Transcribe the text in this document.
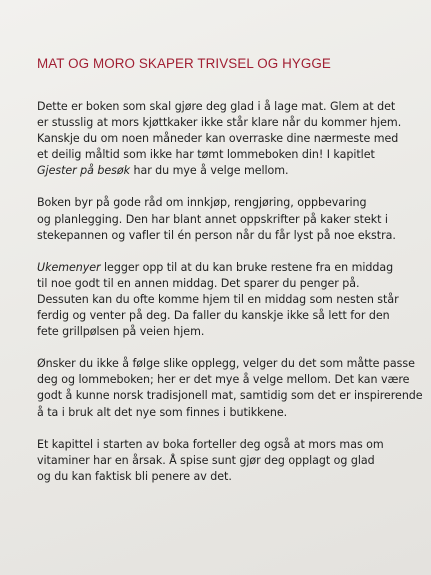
MAT OG MORO SKAPER TRIVSEL OG HYGGE

Dette er boken som skal gjøre deg glad i å lage mat. Glem at det
er stusslig at mors kjøttkaker ikke står klare når du kommer hjem.
Kanskje du om noen måneder kan overraske dine nærmeste med
et deilig måltid som ikke har tømt lommeboken din! I kapitlet
Gjester på besøk har du mye å velge mellom.

Boken byr på gode råd om innkjøp, rengjøring, oppbevaring
og planlegging. Den har blant annet oppskrifter på kaker stekt i
stekepannen og vafler til én person når du får lyst på noe ekstra.

Ukemenyer legger opp til at du kan bruke restene fra en middag
til noe godt til en annen middag. Det sparer du penger på.
Dessuten kan du ofte komme hjem til en middag som nesten står
ferdig og venter på deg. Da faller du kanskje ikke så lett for den
fete grillpølsen på veien hjem.

Ønsker du ikke å følge slike opplegg, velger du det som måtte passe
deg og lommeboken; her er det mye å velge mellom. Det kan være
godt å kunne norsk tradisjonell mat, samtidig som det er inspirerende
å ta i bruk alt det nye som finnes i butikkene.

Et kapittel i starten av boka forteller deg også at mors mas om
vitaminer har en årsak. Å spise sunt gjør deg opplagt og glad
og du kan faktisk bli penere av det.
